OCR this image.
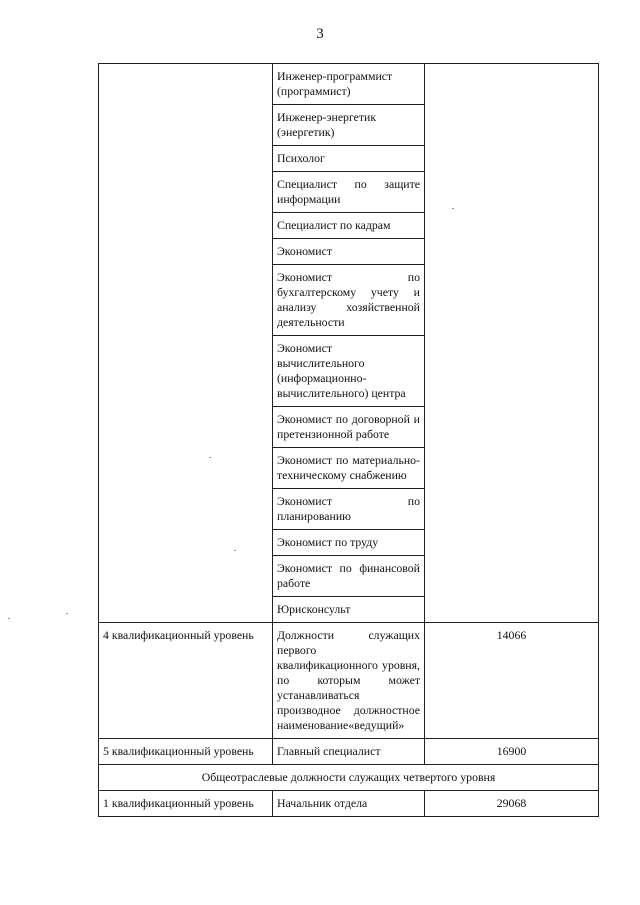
3
	Инженер-программист (программист)	
	Инженер-энергетик (энергетик)	
	Психолог	
	Специалист по защите информации	
	Специалист по кадрам	
	Экономист	
	Экономист по бухгалтерскому учету и анализу хозяйственной деятельности	
	Экономист вычислительного (информационно-вычислительного) центра	
	Экономист по договорной и претензионной работе	
	Экономист по материально-техническому снабжению	
	Экономист по планированию	
	Экономист по труду	
	Экономист по финансовой работе	
	Юрисконсульт	
4 квалификационный уровень	Должности служащих первого квалификационного уровня, по которым может устанавливаться производное должностное наименование«ведущий»	14066
5 квалификационный уровень	Главный специалист	16900
Общеотраслевые должности служащих четвертого уровня		
1 квалификационный уровень	Начальник отдела	29068
